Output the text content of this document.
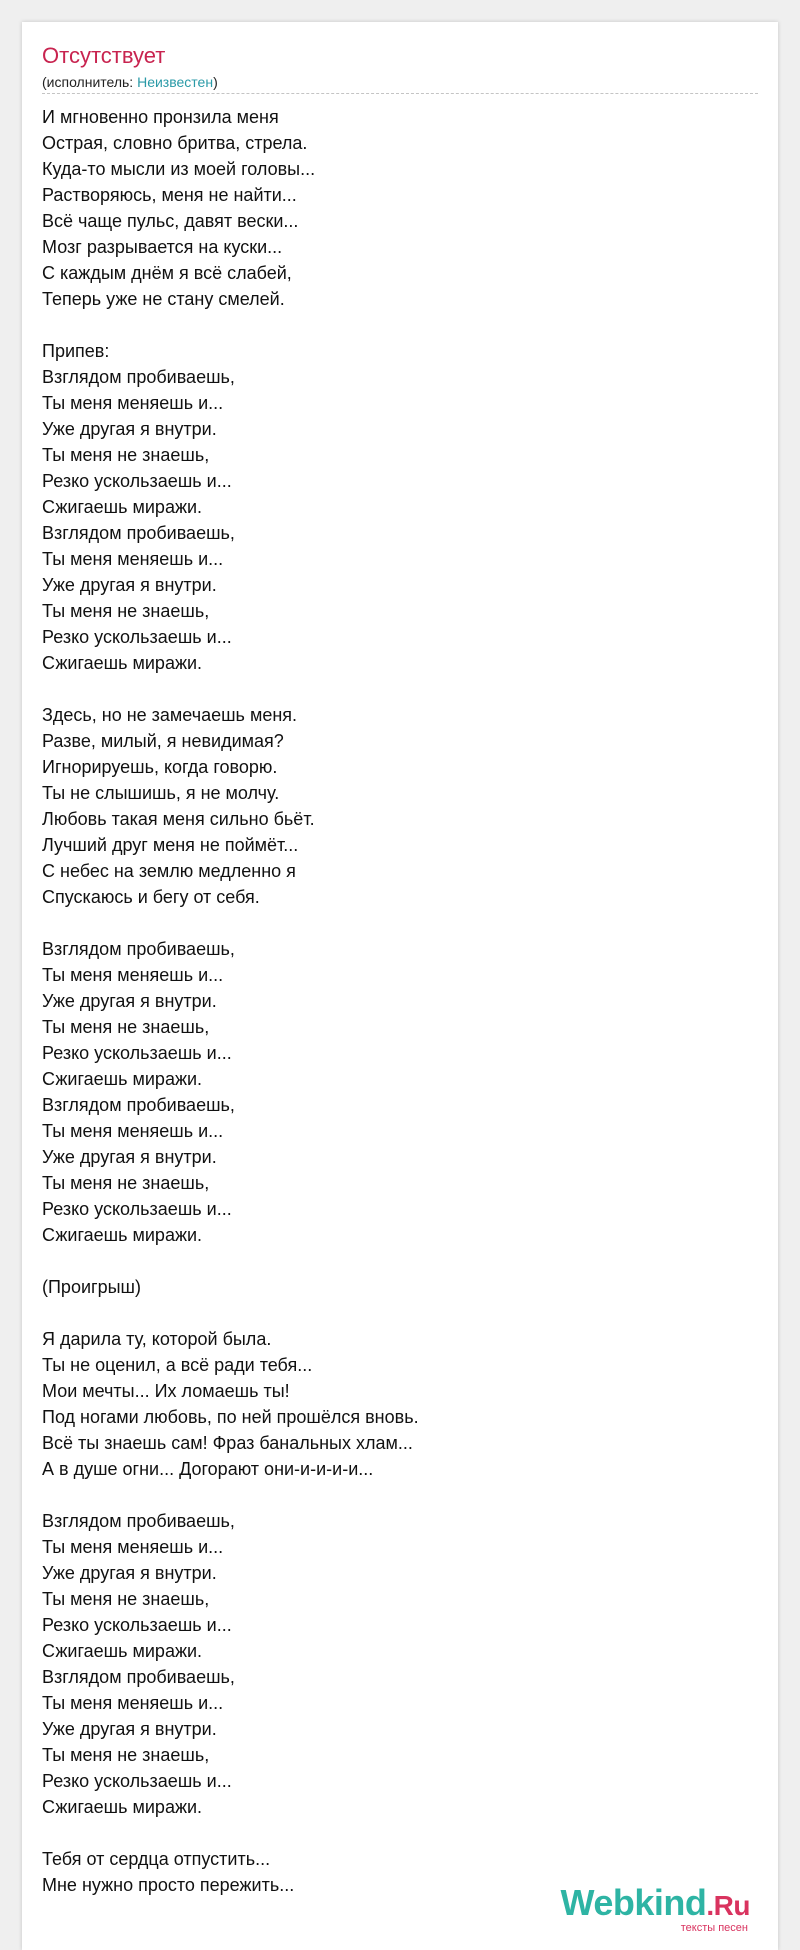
Отсутствует
(исполнитель: Неизвестен)
И мгновенно пронзила меня
Острая, словно бритва, стрела.
Куда-то мысли из моей головы...
Растворяюсь, меня не найти...
Всё чаще пульс, давят вески...
Мозг разрывается на куски...
С каждым днём я всё слабей,
Теперь уже не стану смелей.
Припев:
Взглядом пробиваешь,
Ты меня меняешь и...
Уже другая я внутри.
Ты меня не знаешь,
Резко ускользаешь и...
Сжигаешь миражи.
Взглядом пробиваешь,
Ты меня меняешь и...
Уже другая я внутри.
Ты меня не знаешь,
Резко ускользаешь и...
Сжигаешь миражи.
Здесь, но не замечаешь меня.
Разве, милый, я невидимая?
Игнорируешь, когда говорю.
Ты не слышишь, я не молчу.
Любовь такая меня сильно бьёт.
Лучший друг меня не поймёт...
С небес на землю медленно я
Спускаюсь и бегу от себя.
Взглядом пробиваешь,
Ты меня меняешь и...
Уже другая я внутри.
Ты меня не знаешь,
Резко ускользаешь и...
Сжигаешь миражи.
Взглядом пробиваешь,
Ты меня меняешь и...
Уже другая я внутри.
Ты меня не знаешь,
Резко ускользаешь и...
Сжигаешь миражи.
(Проигрыш)
Я дарила ту, которой была.
Ты не оценил, а всё ради тебя...
Мои мечты... Их ломаешь ты!
Под ногами любовь, по ней прошёлся вновь.
Всё ты знаешь сам! Фраз банальных хлам...
А в душе огни... Догорают они-и-и-и-и...
Взглядом пробиваешь,
Ты меня меняешь и...
Уже другая я внутри.
Ты меня не знаешь,
Резко ускользаешь и...
Сжигаешь миражи.
Взглядом пробиваешь,
Ты меня меняешь и...
Уже другая я внутри.
Ты меня не знаешь,
Резко ускользаешь и...
Сжигаешь миражи.
Тебя от сердца отпустить...
Мне нужно просто пережить...	Webkind.Ru
тексты песен
